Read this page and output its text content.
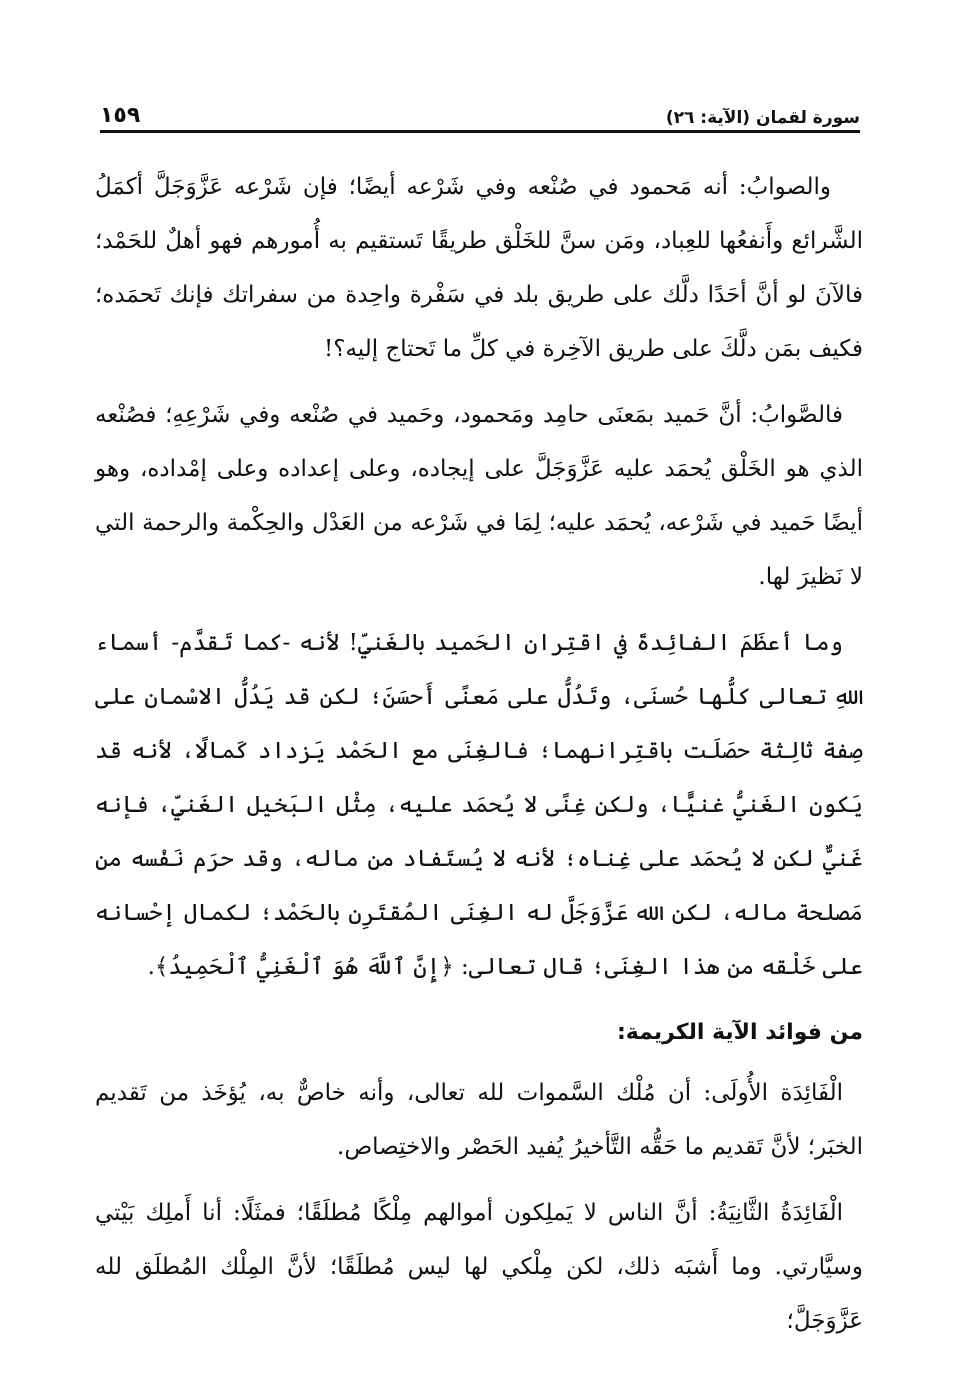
١٥٩	سورة لقمان (الآية: ٢٦)

والصوابُ: أنه مَحمود في صُنْعه وفي شَرْعه أيضًا؛ فإن شَرْعه عَزَّوَجَلَّ أكمَلُ الشَّرائع وأَنفعُها للعِباد، ومَن سنَّ للخَلْق طريقًا تَستقيم به أُمورهم فهو أهلٌ للحَمْد؛ فالآنَ لو أنَّ أحَدًا دلَّك على طريق بلد في سَفْرة واحِدة من سفراتك فإنك تَحمَده؛ فكيف بمَن دلَّكَ على طريق الآخِرة في كلِّ ما تَحتاج إليه؟!

فالصَّوابُ: أنَّ حَميد بمَعنَى حامِد ومَحمود، وحَميد في صُنْعه وفي شَرْعِهِ؛ فصُنْعه الذي هو الخَلْق يُحمَد عليه عَزَّوَجَلَّ على إيجاده، وعلى إعداده وعلى إمْداده، وهو أيضًا حَميد في شَرْعه، يُحمَد عليه؛ لِمَا في شَرْعه من العَدْل والحِكْمة والرحمة التي لا نَظيرَ لها.

وما أعظَمَ الفائِدةَ في اقتِران الحَميد بالغَنيِّ! لأنه -كما تَقدَّم- أسماء اللهِ تعالى كلُّها حُسنَى، وتَدُلُّ على مَعنًى أَحسَنَ؛ لكن قد يَدُلُّ الاسْمان على صِفة ثالِثة حصَلَت باقتِرانهما؛ فالغِنَى مع الحَمْد يَزداد كَمالًا، لأنه قد يَكون الغَنيُّ غنيًّا، ولكن غِنًى لا يُحمَد عليه، مِثْل البَخيل الغَنيِّ، فإنه غَنيٌّ لكن لا يُحمَد على غِناه؛ لأنه لا يُستَفاد من ماله، وقد حرَم نَفْسه من مَصلحة ماله، لكن الله عَزَّوَجَلَّ له الغِنَى المُقتَرِن بالحَمْد؛ لكمال إحْسانه على خَلْقه من هذا الغِنَى؛ قال تعالى: ﴿إِنَّ ٱللَّهَ هُوَ ٱلْغَنِيُّ ٱلْحَمِيدُ﴾.

من فوائد الآية الكريمة:

الْفَائِدَة الأُولَى: أن مُلْك السَّموات لله تعالى، وأنه خاصٌّ به، يُؤخَذ من تَقديم الخبَر؛ لأنَّ تَقديم ما حَقُّه التَّأخيرُ يُفيد الحَصْر والاختِصاص.

الْفَائِدَةُ الثَّانِيَةُ: أنَّ الناس لا يَملِكون أموالهم مِلْكًا مُطلَقًا؛ فمثَلًا: أنا أَملِك بَيْتي وسيَّارتي. وما أَشبَه ذلك، لكن مِلْكي لها ليس مُطلَقًا؛ لأنَّ المِلْك المُطلَق لله عَزَّوَجَلَّ؛
